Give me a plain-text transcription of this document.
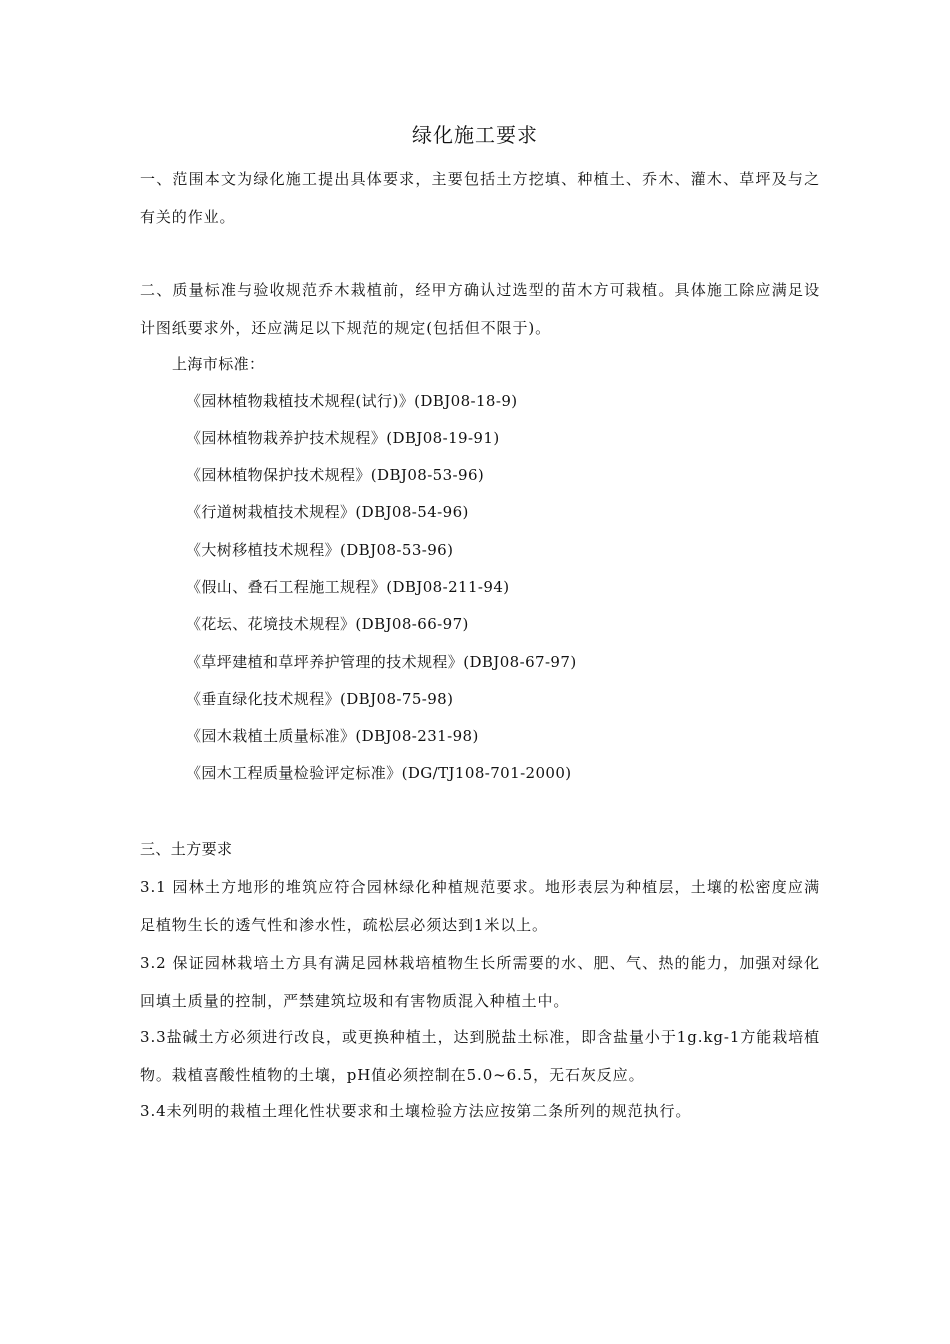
绿化施工要求
一、范围本文为绿化施工提出具体要求，主要包括土方挖填、种植土、乔木、灌木、草坪及与之有关的作业。
二、质量标准与验收规范乔木栽植前，经甲方确认过选型的苗木方可栽植。具体施工除应满足设计图纸要求外，还应满足以下规范的规定(包括但不限于)。
上海市标准：
《园林植物栽植技术规程(试行)》(DBJ08-18-9)
《园林植物栽养护技术规程》(DBJ08-19-91)
《园林植物保护技术规程》(DBJ08-53-96)
《行道树栽植技术规程》(DBJ08-54-96)
《大树移植技术规程》(DBJ08-53-96)
《假山、叠石工程施工规程》(DBJ08-211-94)
《花坛、花境技术规程》(DBJ08-66-97)
《草坪建植和草坪养护管理的技术规程》(DBJ08-67-97)
《垂直绿化技术规程》(DBJ08-75-98)
《园木栽植土质量标准》(DBJ08-231-98)
《园木工程质量检验评定标准》(DG/TJ108-701-2000)
三、土方要求
3.1 园林土方地形的堆筑应符合园林绿化种植规范要求。地形表层为种植层，土壤的松密度应满足植物生长的透气性和渗水性，疏松层必须达到1米以上。
3.2 保证园林栽培土方具有满足园林栽培植物生长所需要的水、肥、气、热的能力，加强对绿化回填土质量的控制，严禁建筑垃圾和有害物质混入种植土中。
3.3盐碱土方必须进行改良，或更换种植土，达到脱盐土标准，即含盐量小于1g.kg-1方能栽培植物。栽植喜酸性植物的土壤，pH值必须控制在5.0~6.5，无石灰反应。
3.4未列明的栽植土理化性状要求和土壤检验方法应按第二条所列的规范执行。
